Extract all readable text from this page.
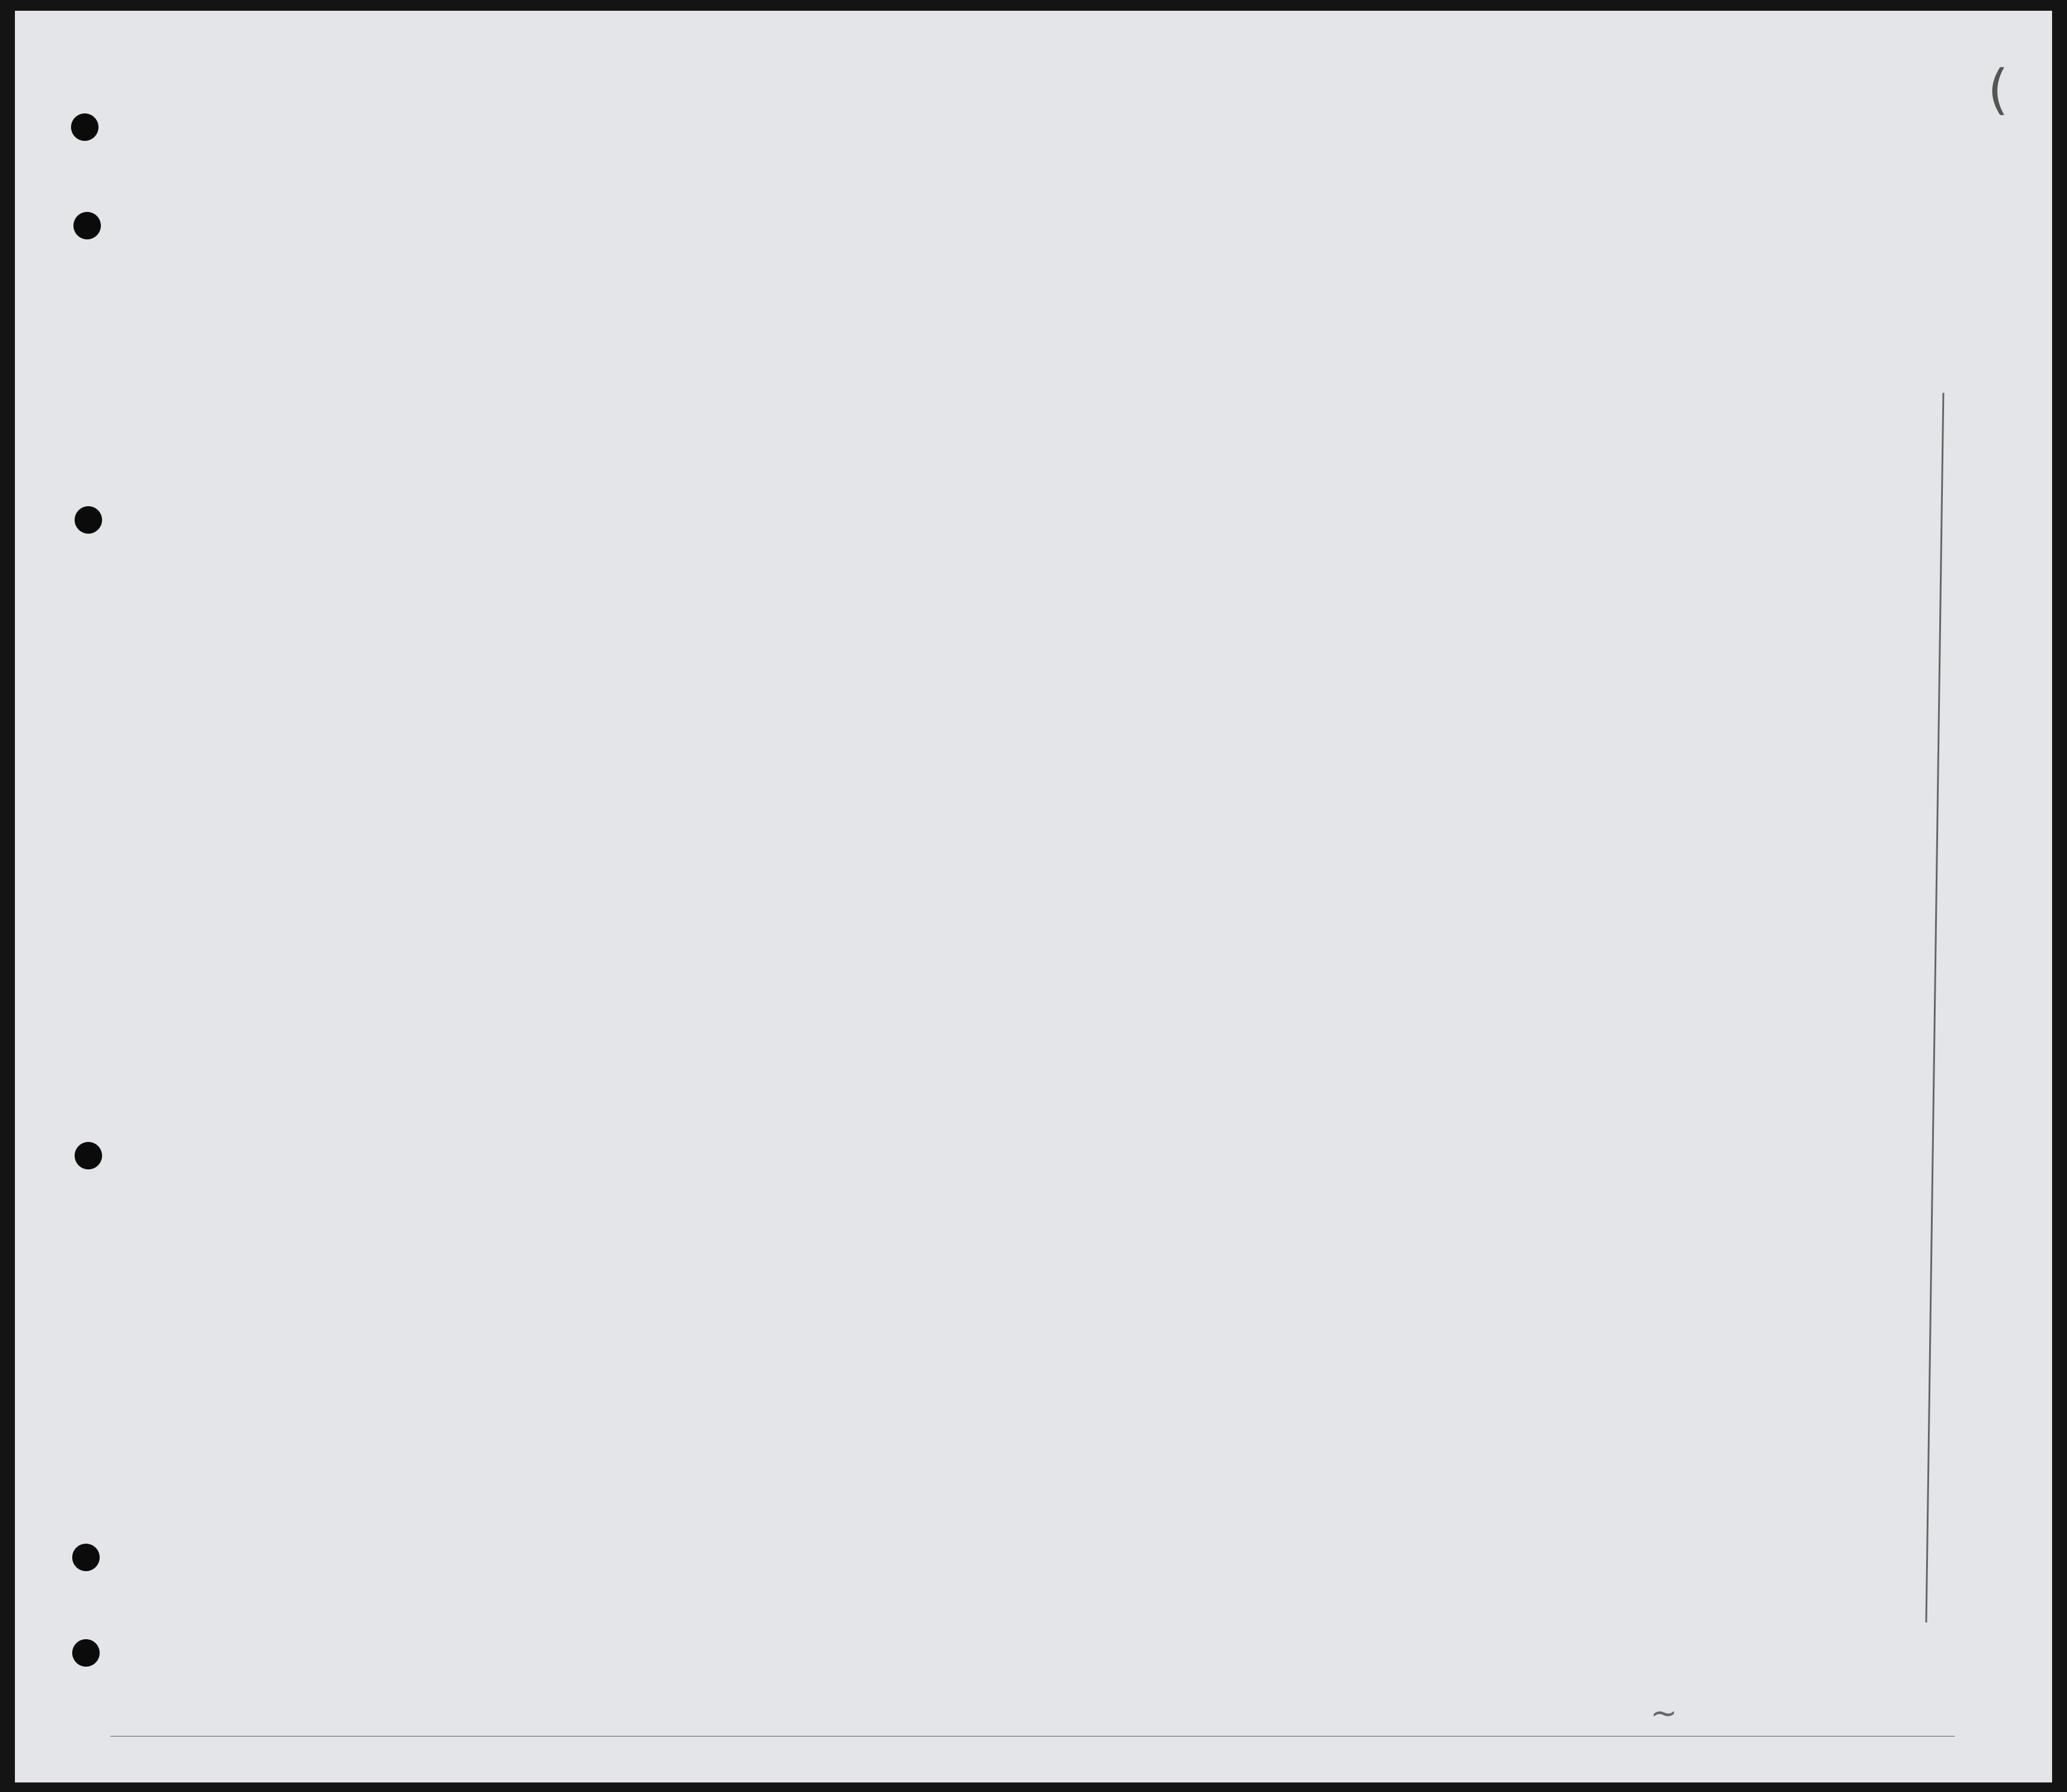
(
~
